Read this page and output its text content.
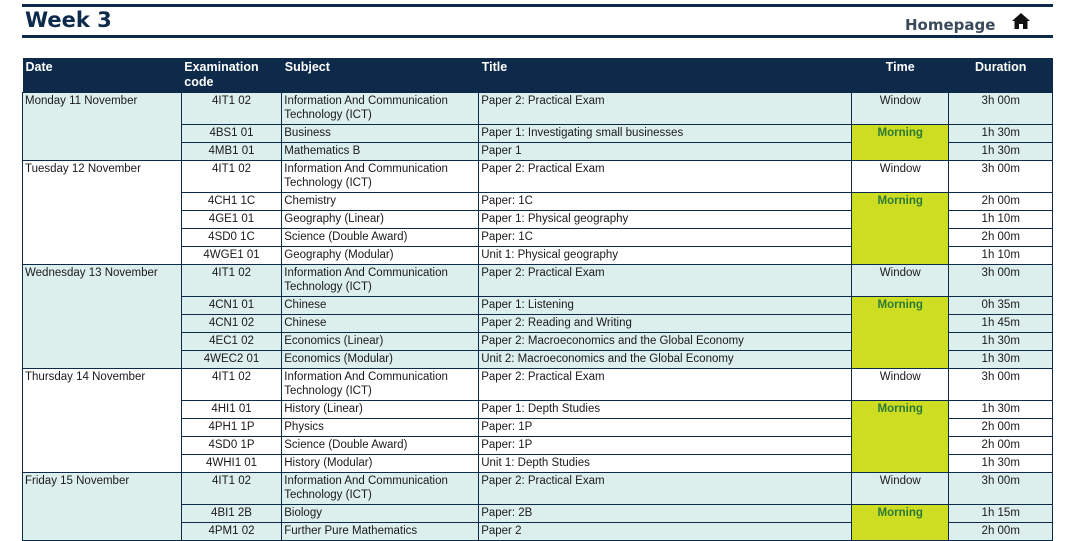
Week 3	Homepage
Date	Examination code	Subject	Title	Time	Duration
Monday 11 November	4IT1 02	Information And Communication Technology (ICT)	Paper 2: Practical Exam	Window	3h 00m
	4BS1 01	Business	Paper 1: Investigating small businesses	Morning	1h 30m
	4MB1 01	Mathematics B	Paper 1		1h 30m
Tuesday 12 November	4IT1 02	Information And Communication Technology (ICT)	Paper 2: Practical Exam	Window	3h 00m
	4CH1 1C	Chemistry	Paper: 1C	Morning	2h 00m
	4GE1 01	Geography (Linear)	Paper 1: Physical geography		1h 10m
	4SD0 1C	Science (Double Award)	Paper: 1C		2h 00m
	4WGE1 01	Geography (Modular)	Unit 1: Physical geography		1h 10m
Wednesday 13 November	4IT1 02	Information And Communication Technology (ICT)	Paper 2: Practical Exam	Window	3h 00m
	4CN1 01	Chinese	Paper 1: Listening	Morning	0h 35m
	4CN1 02	Chinese	Paper 2: Reading and Writing		1h 45m
	4EC1 02	Economics (Linear)	Paper 2: Macroeconomics and the Global Economy		1h 30m
	4WEC2 01	Economics (Modular)	Unit 2: Macroeconomics and the Global Economy		1h 30m
Thursday 14 November	4IT1 02	Information And Communication Technology (ICT)	Paper 2: Practical Exam	Window	3h 00m
	4HI1 01	History (Linear)	Paper 1: Depth Studies	Morning	1h 30m
	4PH1 1P	Physics	Paper: 1P		2h 00m
	4SD0 1P	Science (Double Award)	Paper: 1P		2h 00m
	4WHI1 01	History (Modular)	Unit 1: Depth Studies		1h 30m
Friday 15 November	4IT1 02	Information And Communication Technology (ICT)	Paper 2: Practical Exam	Window	3h 00m
	4BI1 2B	Biology	Paper: 2B	Morning	1h 15m
	4PM1 02	Further Pure Mathematics	Paper 2		2h 00m
